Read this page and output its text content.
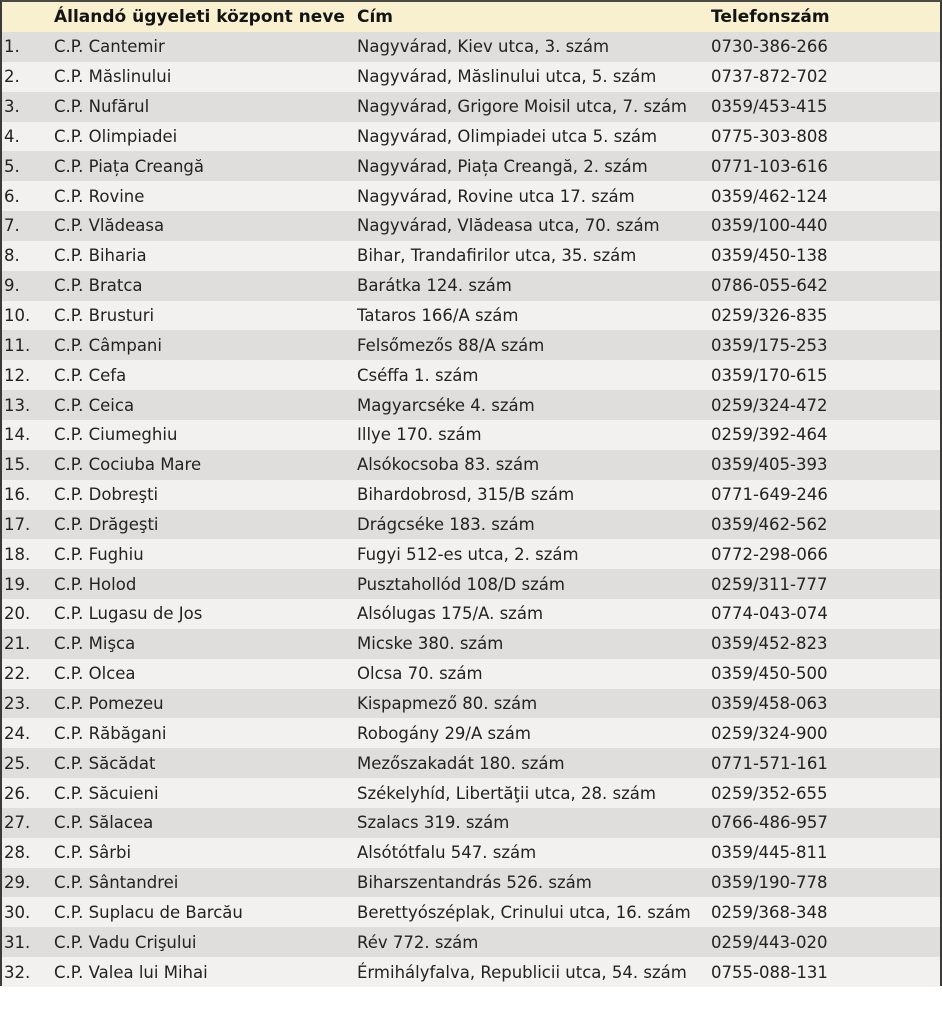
	Állandó ügyeleti központ neve	Cím	Telefonszám
1.	C.P. Cantemir	Nagyvárad, Kiev utca, 3. szám	0730-386-266
2.	C.P. Măslinului	Nagyvárad, Măslinului utca, 5. szám	0737-872-702
3.	C.P. Nufărul	Nagyvárad, Grigore Moisil utca, 7. szám	0359/453-415
4.	C.P. Olimpiadei	Nagyvárad, Olimpiadei utca 5. szám	0775-303-808
5.	C.P. Piața Creangă	Nagyvárad, Piața Creangă, 2. szám	0771-103-616
6.	C.P. Rovine	Nagyvárad, Rovine utca 17. szám	0359/462-124
7.	C.P. Vlădeasa	Nagyvárad, Vlădeasa utca, 70. szám	0359/100-440
8.	C.P. Biharia	Bihar, Trandafirilor utca, 35. szám	0359/450-138
9.	C.P. Bratca	Barátka 124. szám	0786-055-642
10.	C.P. Brusturi	Tataros 166/A szám	0259/326-835
11.	C.P. Câmpani	Felsőmezős 88/A szám	0359/175-253
12.	C.P. Cefa	Cséffa 1. szám	0359/170-615
13.	C.P. Ceica	Magyarcséke 4. szám	0259/324-472
14.	C.P. Ciumeghiu	Illye 170. szám	0259/392-464
15.	C.P. Cociuba Mare	Alsókocsoba 83. szám	0359/405-393
16.	C.P. Dobreşti	Bihardobrosd, 315/B szám	0771-649-246
17.	C.P. Drăgeşti	Drágcséke 183. szám	0359/462-562
18.	C.P. Fughiu	Fugyi 512-es utca, 2. szám	0772-298-066
19.	C.P. Holod	Pusztahollód 108/D szám	0259/311-777
20.	C.P. Lugasu de Jos	Alsólugas 175/A. szám	0774-043-074
21.	C.P. Mişca	Micske 380. szám	0359/452-823
22.	C.P. Olcea	Olcsa 70. szám	0359/450-500
23.	C.P. Pomezeu	Kispapmező 80. szám	0359/458-063
24.	C.P. Răbăgani	Robogány 29/A szám	0259/324-900
25.	C.P. Săcădat	Mezőszakadát 180. szám	0771-571-161
26.	C.P. Săcuieni	Székelyhíd, Libertăţii utca, 28. szám	0259/352-655
27.	C.P. Sălacea	Szalacs 319. szám	0766-486-957
28.	C.P. Sârbi	Alsótótfalu 547. szám	0359/445-811
29.	C.P. Sântandrei	Biharszentandrás 526. szám	0359/190-778
30.	C.P. Suplacu de Barcău	Berettyószéplak, Crinului utca, 16. szám	0259/368-348
31.	C.P. Vadu Crişului	Rév 772. szám	0259/443-020
32.	C.P. Valea lui Mihai	Érmihályfalva, Republicii utca, 54. szám	0755-088-131
